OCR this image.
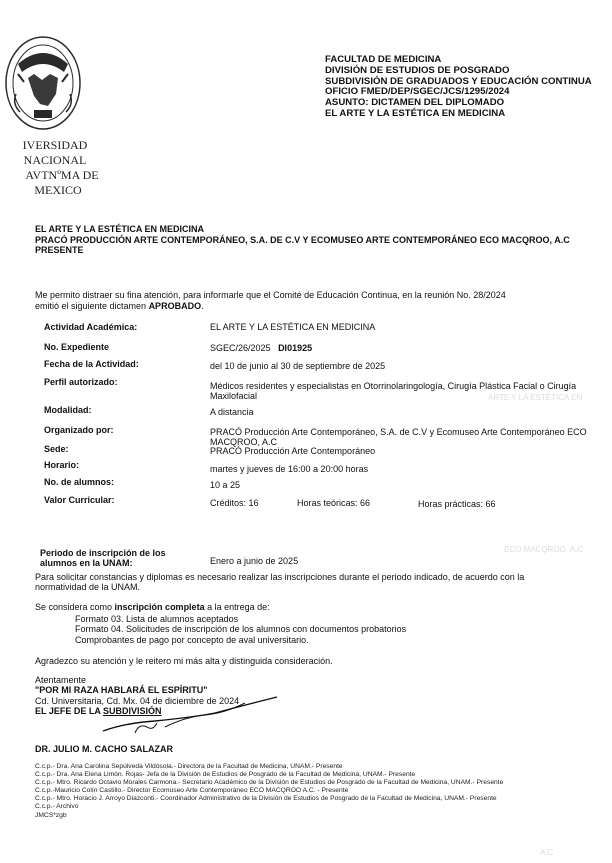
IVERSIDAD NACIONAL
AVTNºMA DE
MEXICO
FACULTAD DE MEDICINA
DIVISIÓN DE ESTUDIOS DE POSGRADO
SUBDIVISIÓN DE GRADUADOS Y EDUCACIÓN CONTINUA
OFICIO FMED/DEP/SGEC/JCS/1295/2024
ASUNTO: DICTAMEN DEL DIPLOMADO
EL ARTE Y LA ESTÉTICA EN MEDICINA
EL ARTE Y LA ESTÉTICA EN MEDICINA
PRACÓ PRODUCCIÓN ARTE CONTEMPORÁNEO, S.A. DE C.V Y ECOMUSEO ARTE CONTEMPORÁNEO ECO MACQROO, A.C
PRESENTE
Me permito distraer su fina atención, para informarle que el Comité de Educación Continua, en la reunión No. 28/2024
emitió el siguiente dictamen APROBADO.
Actividad Académica:	EL ARTE Y LA ESTÉTICA EN MEDICINA
No. Expediente	SGEC/26/2025 DI01925
Fecha de la Actividad:	del 10 de junio al 30 de septiembre de 2025
Perfil autorizado:	Médicos residentes y especialistas en Otorrinolaringología, Cirugía Plástica Facial o Cirugía
Maxilofacial
Modalidad:	A distancia
Organizado por:	PRACÓ Producción Arte Contemporáneo, S.A. de C.V y Ecomuseo Arte Contemporáneo ECO
MACQROO, A.C
Sede:	PRACÓ Producción Arte Contemporáneo
Horario:	martes y jueves de 16:00 a 20:00 horas
No. de alumnos:	10 a 25
Valor Curricular:	Créditos: 16	Horas teóricas: 66	Horas prácticas: 66
Periodo de inscripción de los
alumnos en la UNAM:	Enero a junio de 2025
Para solicitar constancias y diplomas es necesario realizar las inscripciones durante el periodo indicado, de acuerdo con la
normatividad de la UNAM.
Se considera como inscripción completa a la entrega de:
Formato 03. Lista de alumnos aceptados
Formato 04. Solicitudes de inscripción de los alumnos con documentos probatorios
Comprobantes de pago por concepto de aval universitario.
Agradezco su atención y le reitero mi más alta y distinguida consideración.
Atentamente
"POR MI RAZA HABLARÁ EL ESPÍRITU"
Cd. Universitaria, Cd. Mx. 04 de diciembre de 2024
EL JEFE DE LA SUBDIVISIÓN
DR. JULIO M. CACHO SALAZAR
C.c.p.- Dra. Ana Carolina Sepúlveda Vildósola.- Directora de la Facultad de Medicina, UNAM.- Presente
C.c.p.- Dra. Ana Elena Limón. Rojas- Jefa de la División de Estudios de Posgrado de la Facultad de Medicina, UNAM.- Presente
C.c.p.- Mtro. Ricardo Octavio Morales Carmona.- Secretario Académico de la División de Estudios de Posgrado de la Facultad de Medicina, UNAM.- Presente
C.c.p.-Mauricio Colín Castillo.- Director Ecomuseo Arte Contemporáneo ECO MACQROO A.C. - Presente
C.c.p.- Mtro. Horacio J. Arroyo Diazconti.- Coordinador Administrativo de la División de Estudios de Posgrado de la Facultad de Medicina, UNAM.- Presente
C.c.p.- Archivo
JMCS*zgb
ARTE Y LA ESTÉTICA EN
ECO MACQROO, A.C
A.C
